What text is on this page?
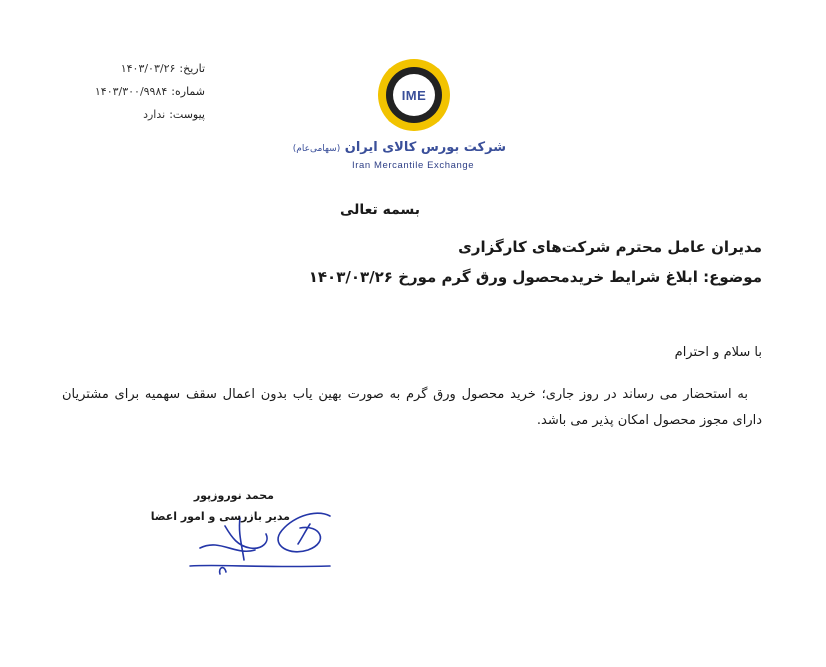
تاریخ:
۱۴۰۳/۰۳/۲۶
شماره:
۱۴۰۳/۳۰۰/۹۹۸۴
پیوست:
ندارد
IME
شرکت بورس کالای ایران (سهامی‌عام)
Iran Mercantile Exchange
بسمه تعالی
مدیران عامل محترم شرکت‌های کارگزاری
موضوع: ابلاغ شرایط خریدمحصول ورق گرم مورخ ۱۴۰۳/۰۳/۲۶
با سلام و احترام
به استحضار می رساند در روز جاری؛ خرید محصول ورق گرم به صورت بهین یاب بدون اعمال سقف سهمیه برای مشتریان دارای مجوز محصول امکان پذیر می باشد.
محمد نوروزپور
مدیر بازرسی و امور اعضا
